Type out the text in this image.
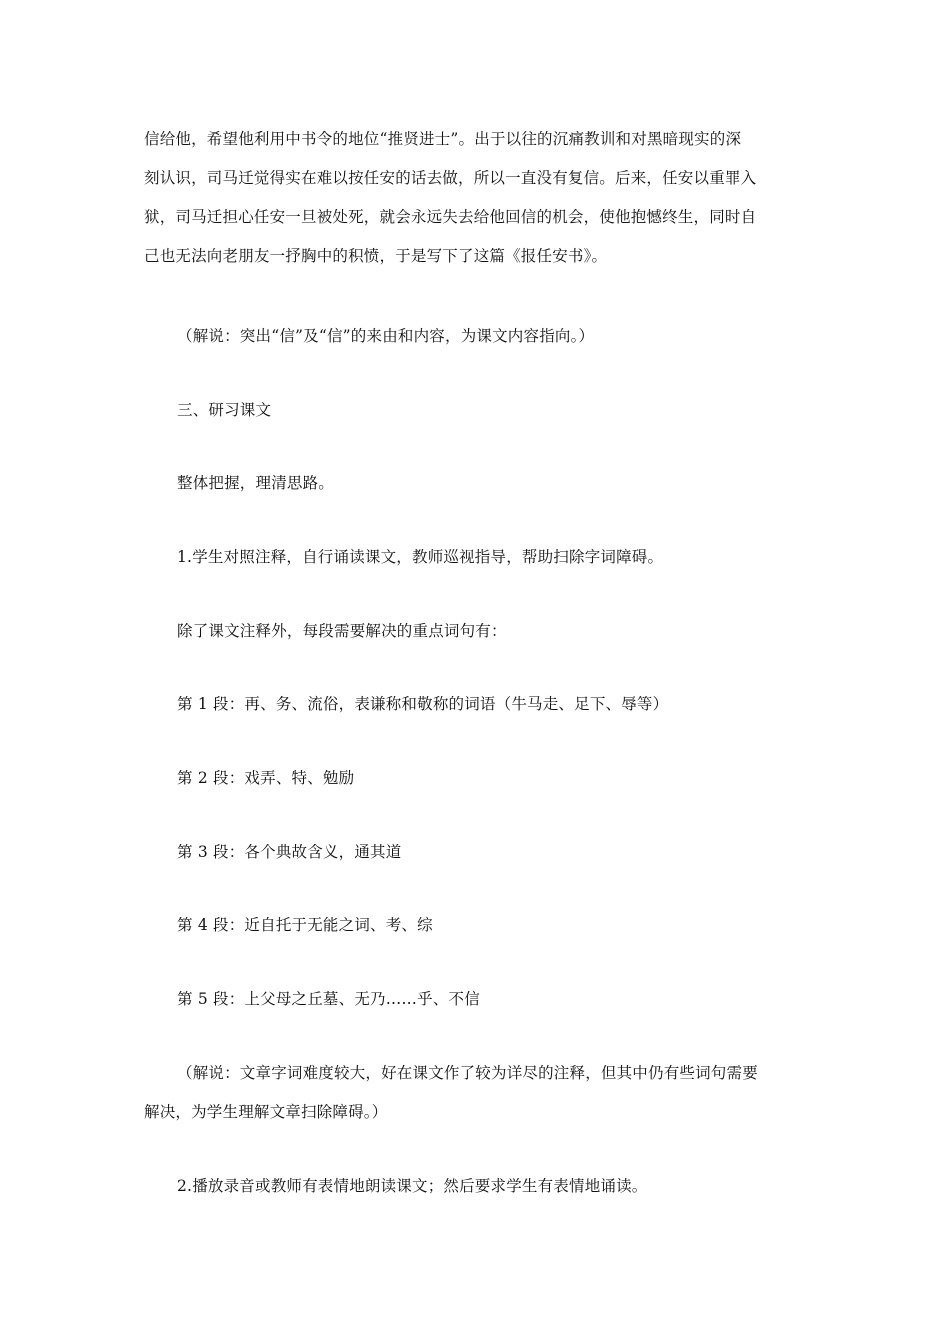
信给他，希望他利用中书令的地位“推贤进士”。出于以往的沉痛教训和对黑暗现实的深
刻认识，司马迁觉得实在难以按任安的话去做，所以一直没有复信。后来，任安以重罪入
狱，司马迁担心任安一旦被处死，就会永远失去给他回信的机会，使他抱憾终生，同时自
己也无法向老朋友一抒胸中的积愤，于是写下了这篇《报任安书》。
（解说：突出“信”及“信”的来由和内容，为课文内容指向。）
三、研习课文
整体把握，理清思路。
1.学生对照注释，自行诵读课文，教师巡视指导，帮助扫除字词障碍。
除了课文注释外，每段需要解决的重点词句有：
第 1 段：再、务、流俗，表谦称和敬称的词语（牛马走、足下、辱等）
第 2 段：戏弄、特、勉励
第 3 段：各个典故含义，通其道
第 4 段：近自托于无能之词、考、综
第 5 段：上父母之丘墓、无乃……乎、不信
（解说：文章字词难度较大，好在课文作了较为详尽的注释，但其中仍有些词句需要
解决，为学生理解文章扫除障碍。）
2.播放录音或教师有表情地朗读课文；然后要求学生有表情地诵读。
